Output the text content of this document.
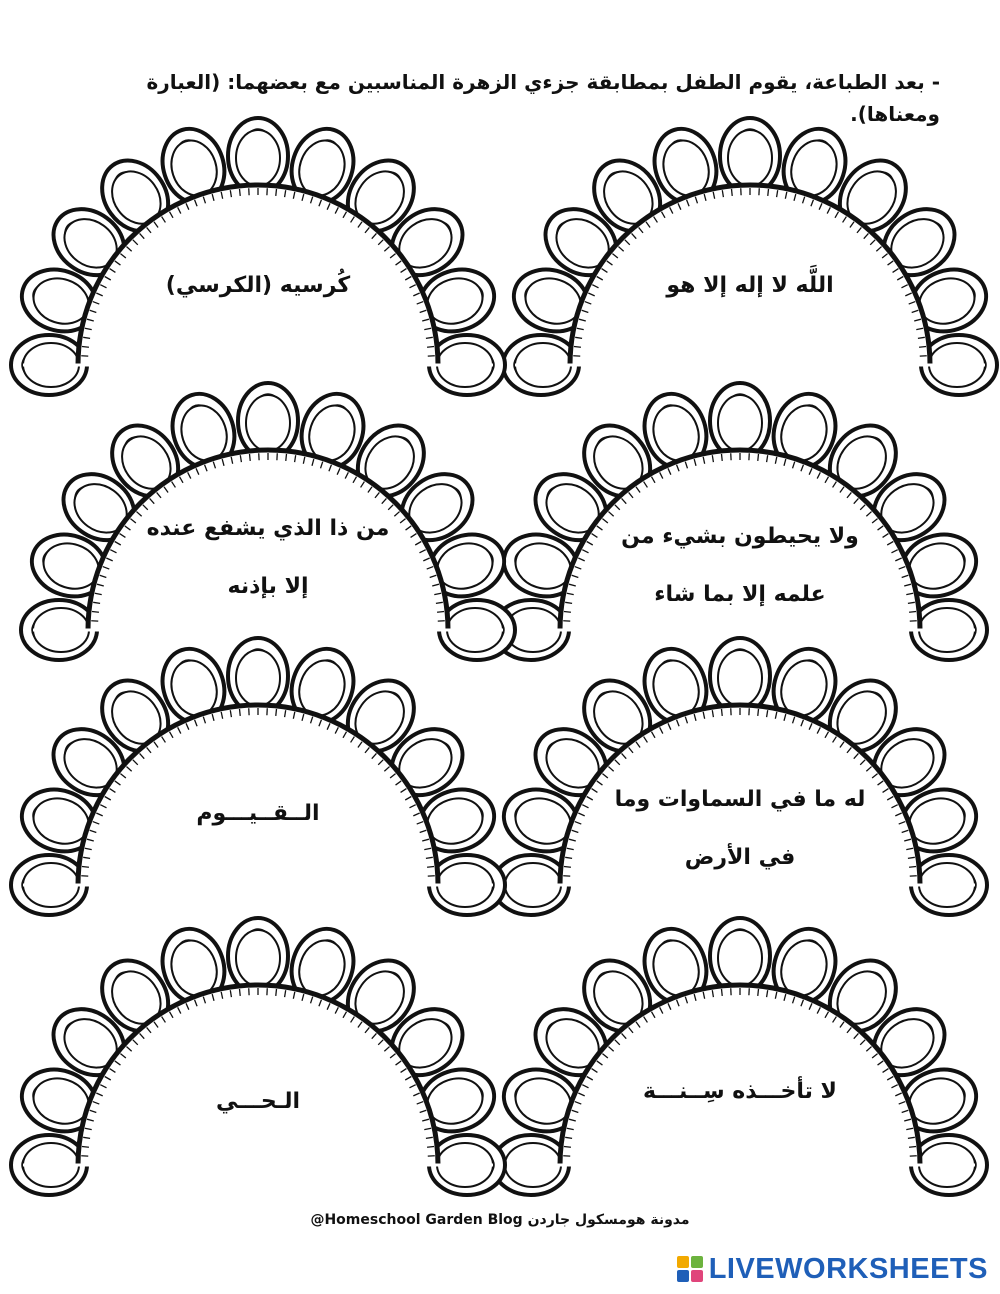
- بعد الطباعة، يقوم الطفل بمطابقة جزءي الزهرة المناسبين مع بعضهما: (العبارة ومعناها).
اللَّه لا إله إلا هو
كُرسيه (الكرسي)
ولا يحيطون بشيء من
علمه إلا بما شاء
من ذا الذي يشفع عنده
إلا بإذنه
له ما في السماوات وما
في الأرض
الــقــيـــوم
لا تأخـــذه سِــنـــة
الـحـــي
مدونة هومسكول جاردن Homeschool Garden Blog@
LIVEWORKSHEETS
